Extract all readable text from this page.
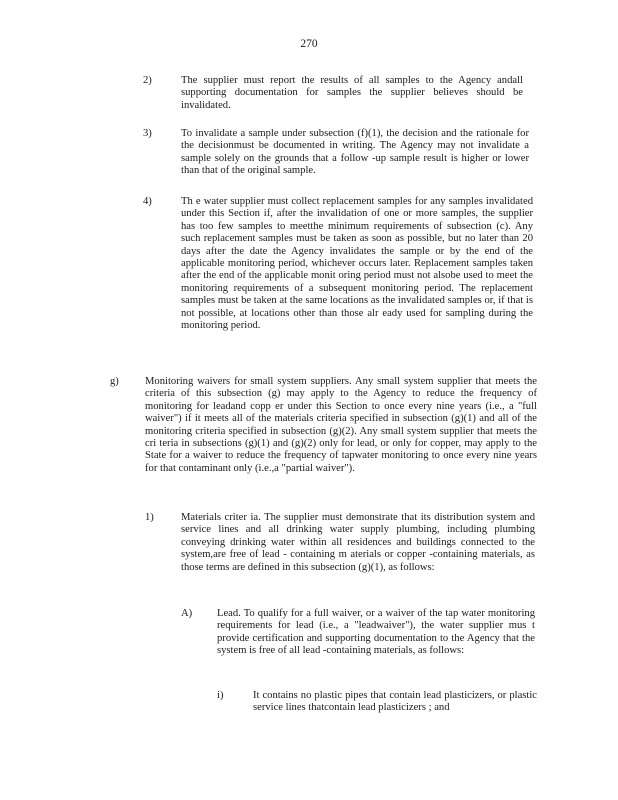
270
2)	The supplier must report the results of all samples to the Agency andall supporting documentation for samples the supplier believes should be invalidated.
3)	To invalidate a sample under subsection (f)(1), the decision and the rationale for the decisionmust be documented in writing. The Agency may not invalidate a sample solely on the grounds that a follow -up sample result is higher or lower than that of the original sample.
4)	Th e water supplier must collect replacement samples for any samples invalidated under this Section if, after the invalidation of one or more samples, the supplier has too few samples to meetthe minimum requirements of subsection (c). Any such replacement samples must be taken as soon as possible, but no later than 20 days after the date the Agency invalidates the sample or by the end of the applicable monitoring period, whichever occurs later. Replacement samples taken after the end of the applicable monit oring period must not alsobe used to meet the monitoring requirements of a subsequent monitoring period. The replacement samples must be taken at the same locations as the invalidated samples or, if that is not possible, at locations other than those alr eady used for sampling during the monitoring period.
g) Monitoring waivers for small system suppliers. Any small system supplier that meets the criteria of this subsection (g) may apply to the Agency to reduce the frequency of monitoring for leadand copp er under this Section to once every nine years (i.e., a "full waiver") if it meets all of the materials criteria specified in subsection (g)(1) and all of the monitoring criteria specified in subsection (g)(2). Any small system supplier that meets the cri teria in subsections (g)(1) and (g)(2) only for lead, or only for copper, may apply to the State for a waiver to reduce the frequency of tapwater monitoring to once every nine years for that contaminant only (i.e.,a "partial waiver").
1)	Materials criter ia. The supplier must demonstrate that its distribution system and service lines and all drinking water supply plumbing, including plumbing conveying drinking water within all residences and buildings connected to the system,are free of lead - containing m aterials or copper -containing materials, as those terms are defined in this subsection (g)(1), as follows:
A) Lead. To qualify for a full waiver, or a waiver of the tap water monitoring requirements for lead (i.e., a "leadwaiver"), the water supplier mus t provide certification and supporting documentation to the Agency that the system is free of all lead -containing materials, as follows:
i)	It contains no plastic pipes that contain lead plasticizers, or plastic service lines thatcontain lead plasticizers ; and
